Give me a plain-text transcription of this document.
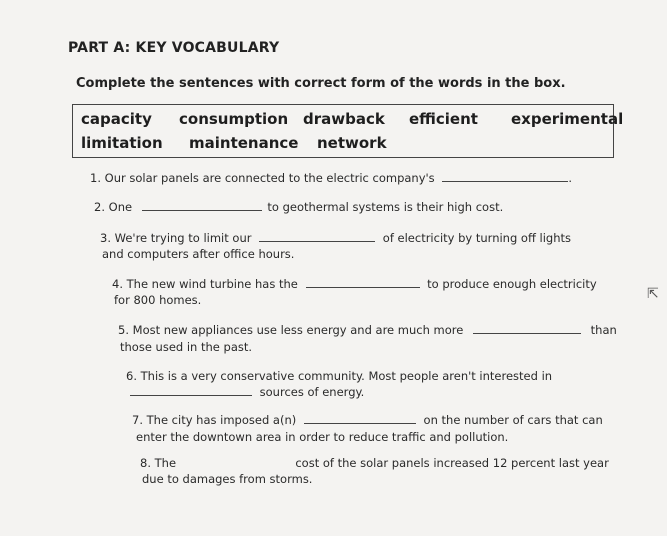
PART A: KEY VOCABULARY
Complete the sentences with correct form of the words in the box.
capacity consumption drawback efficient experimental
limitation maintenance network
1. Our solar panels are connected to the electric company's	.
2. One	to geothermal systems is their high cost.
3. We're trying to limit our	of electricity by turning off lights
and computers after office hours.
4. The new wind turbine has the	to produce enough electricity
for 800 homes.
5. Most new appliances use less energy and are much more	than
those used in the past.
6. This is a very conservative community. Most people aren't interested in
sources of energy.
7. The city has imposed a(n)	on the number of cars that can
enter the downtown area in order to reduce traffic and pollution.
8. The	cost of the solar panels increased 12 percent last year
due to damages from storms.
⇱
